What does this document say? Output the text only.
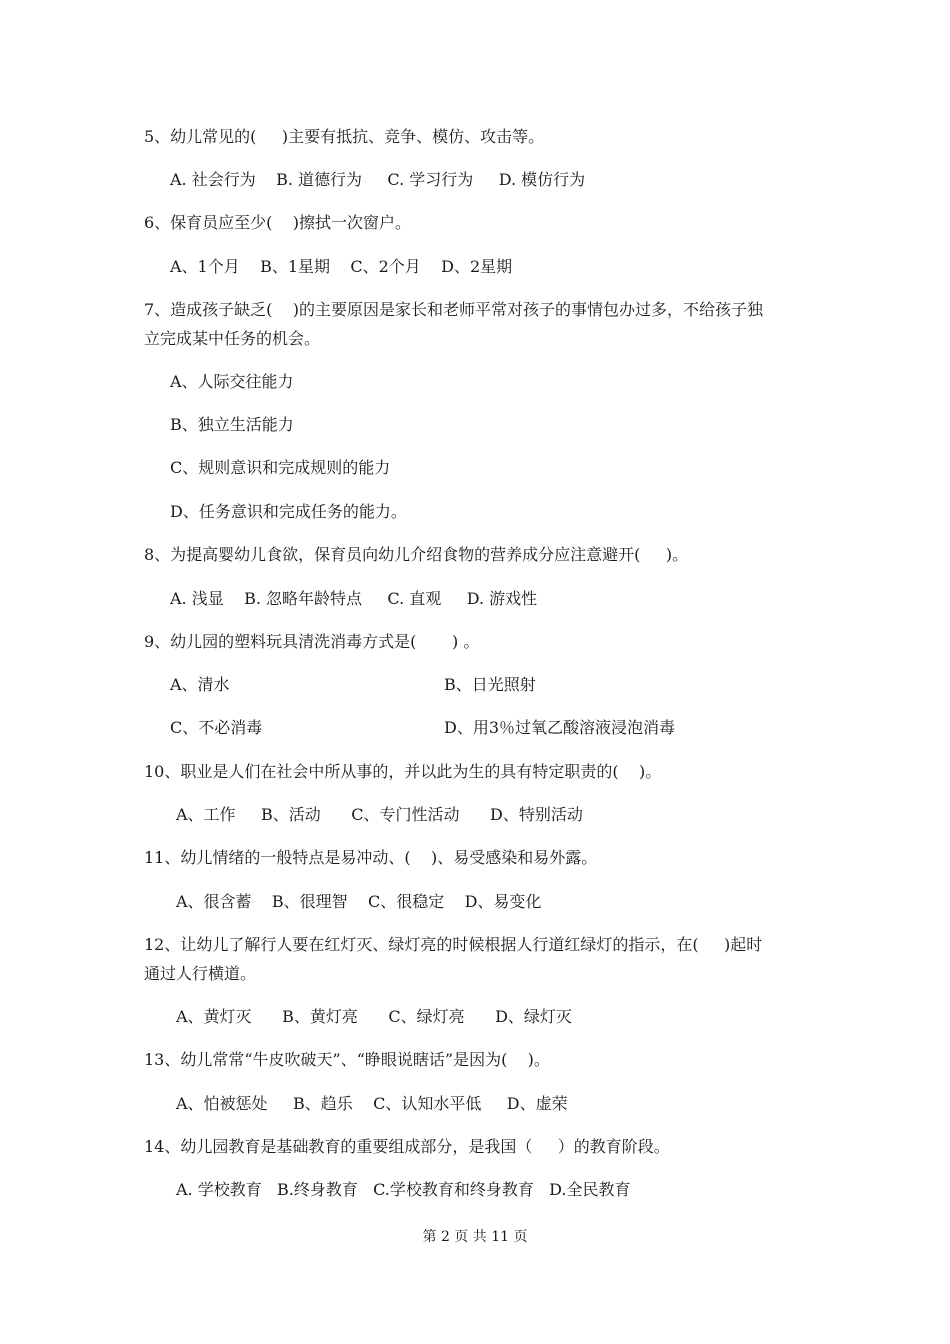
5、幼儿常见的(     )主要有抵抗、竞争、模仿、攻击等。
A. 社会行为    B. 道德行为     C. 学习行为     D. 模仿行为
6、保育员应至少(    )擦拭一次窗户。
A、1个月    B、1星期    C、2个月    D、2星期
7、造成孩子缺乏(    )的主要原因是家长和老师平常对孩子的事情包办过多，不给孩子独
立完成某中任务的机会。
A、人际交往能力
B、独立生活能力
C、规则意识和完成规则的能力
D、任务意识和完成任务的能力。
8、为提高婴幼儿食欲，保育员向幼儿介绍食物的营养成分应注意避开(     )。
A. 浅显    B. 忽略年龄特点     C. 直观     D. 游戏性
9、幼儿园的塑料玩具清洗消毒方式是(       ) 。
A、清水	B、日光照射
C、不必消毒	D、用3％过氧乙酸溶液浸泡消毒
10、职业是人们在社会中所从事的，并以此为生的具有特定职责的(    )。
A、工作     B、活动      C、专门性活动      D、特别活动
11、幼儿情绪的一般特点是易冲动、(    )、易受感染和易外露。
A、很含蓄    B、很理智    C、很稳定    D、易变化
12、让幼儿了解行人要在红灯灭、绿灯亮的时候根据人行道红绿灯的指示，在(     )起时
通过人行横道。
A、黄灯灭      B、黄灯亮      C、绿灯亮      D、绿灯灭
13、幼儿常常“牛皮吹破天”、“睁眼说瞎话”是因为(    )。
A、怕被惩处     B、趋乐    C、认知水平低     D、虚荣
14、幼儿园教育是基础教育的重要组成部分，是我国（     ）的教育阶段。
A. 学校教育   B.终身教育   C.学校教育和终身教育   D.全民教育
第 2 页 共 11 页
